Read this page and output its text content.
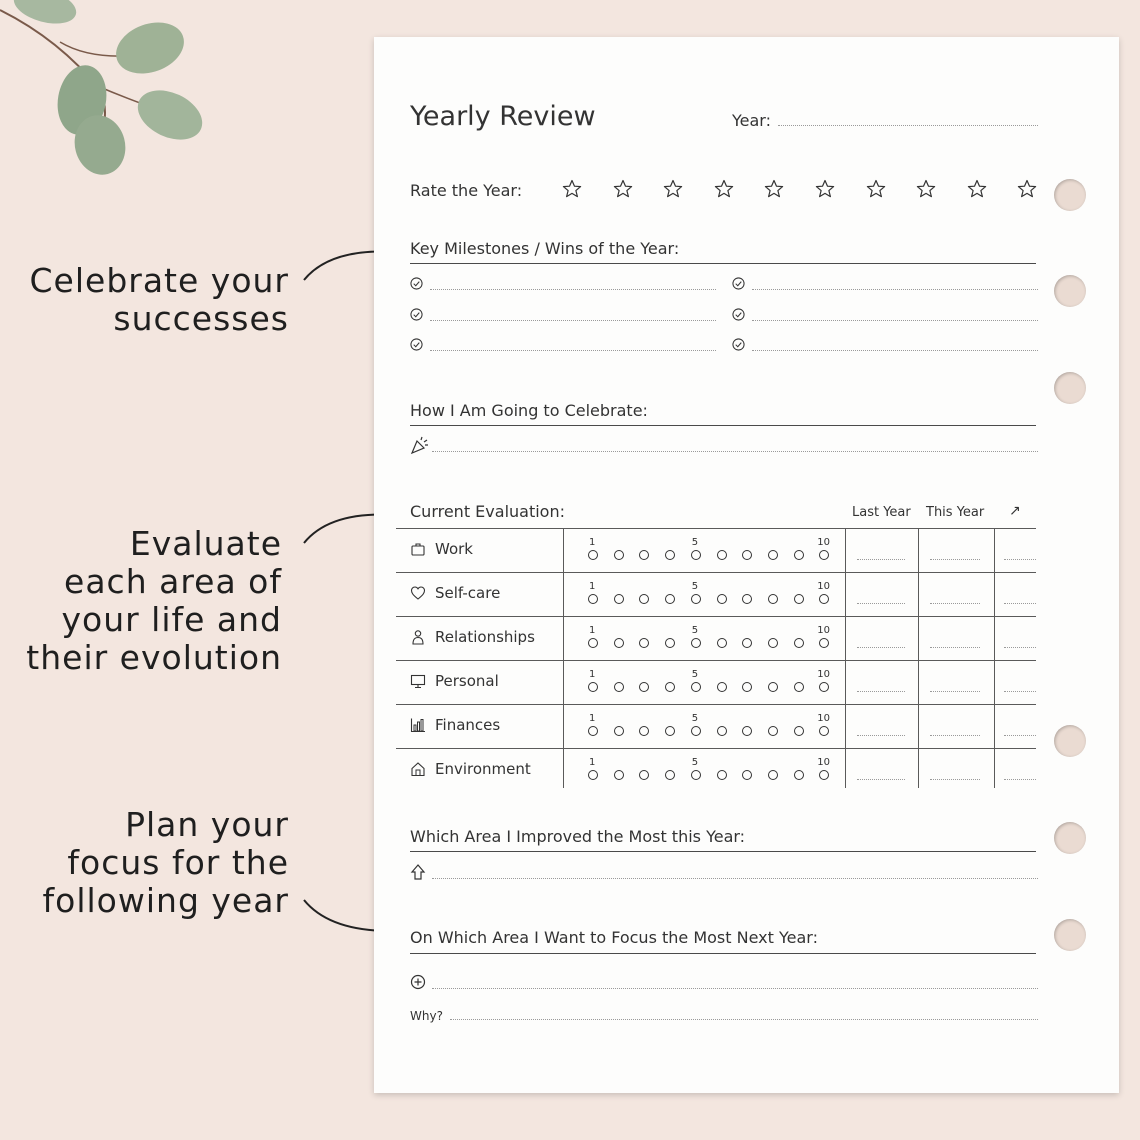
Celebrate your
successes
Evaluate
each area of
your life and
their evolution
Plan your
focus for the
following year
Yearly Review	Year:
Rate the Year:
Key Milestones / Wins of the Year:
How I Am Going to Celebrate:
Current Evaluation:	Last Year This Year ↗
Work	1	5	10
Self-care	1	5	10
Relationships	1	5	10
Personal	1	5	10
Finances	1	5	10
Environment	1	5	10
Which Area I Improved the Most this Year:
On Which Area I Want to Focus the Most Next Year:
Why?
